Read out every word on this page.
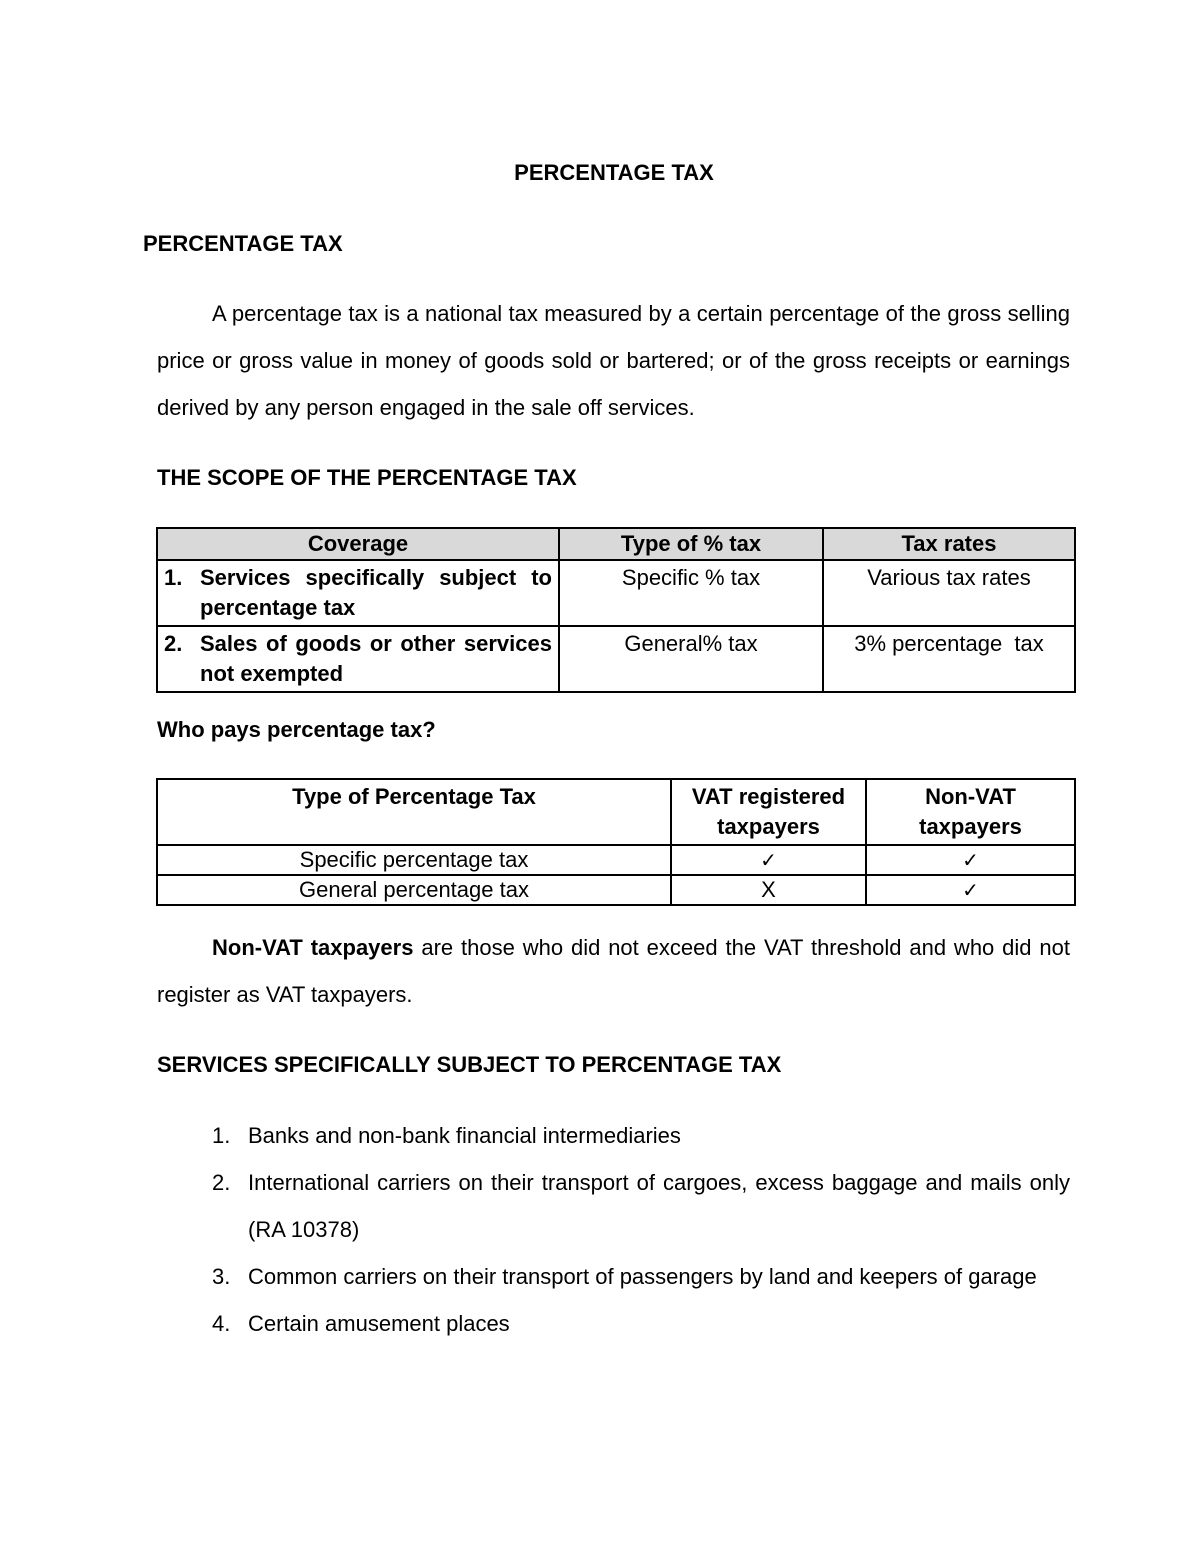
PERCENTAGE TAX
PERCENTAGE TAX
A percentage tax is a national tax measured by a certain percentage of the gross selling price or gross value in money of goods sold or bartered; or of the gross receipts or earnings derived by any person engaged in the sale off services.
THE SCOPE OF THE PERCENTAGE TAX
Coverage	Type of % tax	Tax rates

1. Services specifically subject to percentage tax	Specific % tax	Various tax rates

2. Sales of goods or other services not exempted	General% tax	3% percentage  tax
Who pays percentage tax?
Type of Percentage Tax	VAT registered taxpayers	Non-VAT taxpayers
Specific percentage tax	✓	✓
General percentage tax	X	✓
Non-VAT taxpayers are those who did not exceed the VAT threshold and who did not register as VAT taxpayers.
SERVICES SPECIFICALLY SUBJECT TO PERCENTAGE TAX
1. Banks and non-bank financial intermediaries
2. International carriers on their transport of cargoes, excess baggage and mails only (RA 10378)
3. Common carriers on their transport of passengers by land and keepers of garage
4. Certain amusement places
